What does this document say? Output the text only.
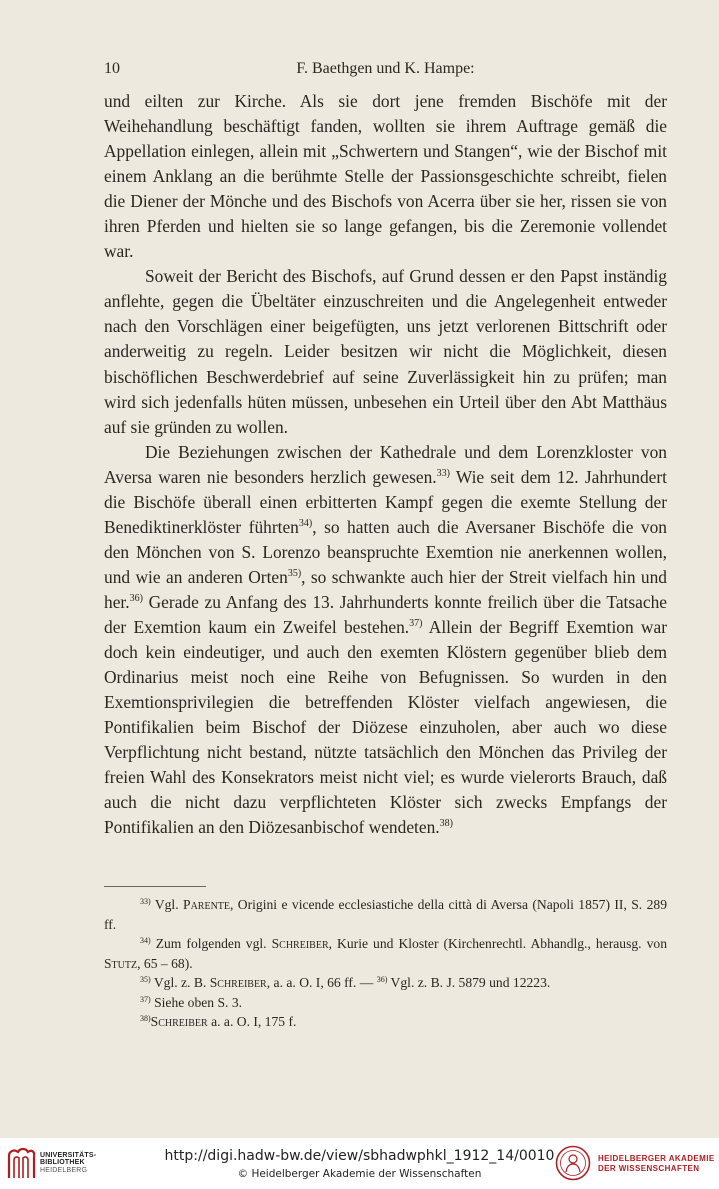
10	F. Baethgen und K. Hampe:

und eilten zur Kirche. Als sie dort jene fremden Bischöfe mit der Weihehandlung beschäftigt fanden, wollten sie ihrem Auftrage gemäß die Appellation einlegen, allein mit „Schwertern und Stangen“, wie der Bischof mit einem Anklang an die berühmte Stelle der Passionsgeschichte schreibt, fielen die Diener der Mönche und des Bischofs von Acerra über sie her, rissen sie von ihren Pferden und hielten sie so lange gefangen, bis die Zeremonie vollendet war.

Soweit der Bericht des Bischofs, auf Grund dessen er den Papst inständig anflehte, gegen die Übeltäter einzuschreiten und die Angelegenheit entweder nach den Vorschlägen einer beigefügten, uns jetzt verlorenen Bittschrift oder anderweitig zu regeln. Leider besitzen wir nicht die Möglichkeit, diesen bischöflichen Beschwerdebrief auf seine Zuverlässigkeit hin zu prüfen; man wird sich jedenfalls hüten müssen, unbesehen ein Urteil über den Abt Matthäus auf sie gründen zu wollen.

Die Beziehungen zwischen der Kathedrale und dem Lorenzkloster von Aversa waren nie besonders herzlich gewesen.$^{33)}$ Wie seit dem 12. Jahrhundert die Bischöfe überall einen erbitterten Kampf gegen die exemte Stellung der Benediktinerklöster führten$^{34)}$, so hatten auch die Aversaner Bischöfe die von den Mönchen von S. Lorenzo beanspruchte Exemtion nie anerkennen wollen, und wie an anderen Orten$^{35)}$, so schwankte auch hier der Streit vielfach hin und her.$^{36)}$ Gerade zu Anfang des 13. Jahrhunderts konnte freilich über die Tatsache der Exemtion kaum ein Zweifel bestehen.$^{37)}$ Allein der Begriff Exemtion war doch kein eindeutiger, und auch den exemten Klöstern gegenüber blieb dem Ordinarius meist noch eine Reihe von Befugnissen. So wurden in den Exemtionsprivilegien die betreffenden Klöster vielfach angewiesen, die Pontifikalien beim Bischof der Diözese einzuholen, aber auch wo diese Verpflichtung nicht bestand, nützte tatsächlich den Mönchen das Privileg der freien Wahl des Konsekrators meist nicht viel; es wurde vielerorts Brauch, daß auch die nicht dazu verpflichteten Klöster sich zwecks Empfangs der Pontifikalien an den Diözesanbischof wendeten.$^{38)}$

$^{33)}$ Vgl. Parente, Origini e vicende ecclesiastiche della città di Aversa (Napoli 1857) II, S. 289 ff.

$^{34)}$ Zum folgenden vgl. Schreiber, Kurie und Kloster (Kirchenrechtl. Abhandlg., herausg. von Stutz, 65 – 68).

$^{35)}$ Vgl. z. B. Schreiber, a. a. O. I, 66 ff. — $^{36)}$ Vgl. z. B. J. 5879 und 12223.

$^{37)}$ Siehe oben S. 3.

$^{38)}$Schreiber a. a. O. I, 175 f.

UNIVERSITÄTS-
BIBLIOTHEK
HEIDELBERG
http://digi.hadw-bw.de/view/sbhadwphkl_1912_14/0010
© Heidelberger Akademie der Wissenschaften
HEIDELBERGER AKADEMIE
DER WISSENSCHAFTEN
